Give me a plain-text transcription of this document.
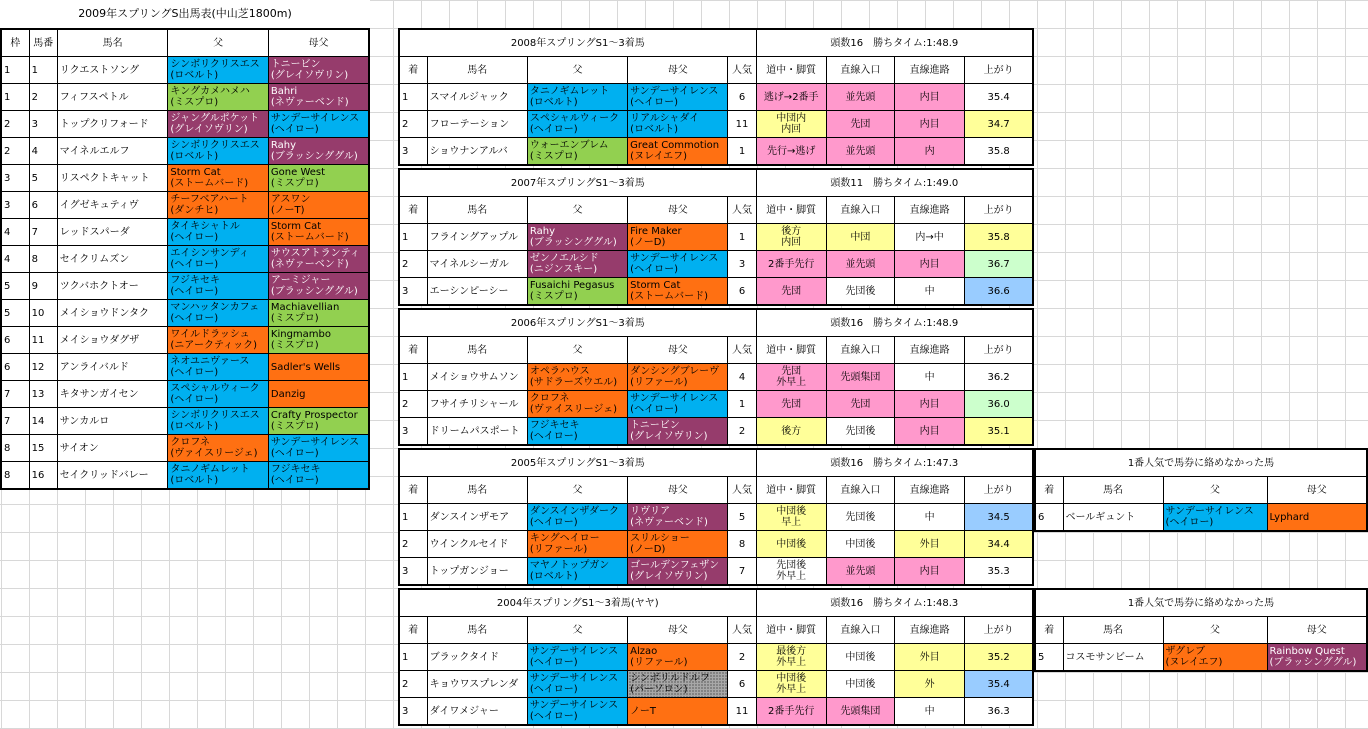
2009年スプリングS出馬表(中山芝1800m)
枠	馬番	馬名	父	母父
1	1	リクエストソング	シンボリクリスエス
(ロベルト)	トニービン
(グレイソヴリン)
1	2	フィフスペトル	キングカメハメハ
(ミスプロ)	Bahri
(ネヴァーベンド)
2	3	トップクリフォード	ジャングルポケット
(グレイソヴリン)	サンデーサイレンス
(ヘイロー)
2	4	マイネルエルフ	シンボリクリスエス
(ロベルト)	Rahy
(ブラッシンググル)
3	5	リスペクトキャット	Storm Cat
(ストームバード)	Gone West
(ミスプロ)
3	6	イグゼキュティヴ	チーフベアハート
(ダンチヒ)	アスワン
(ノーT)
4	7	レッドスパーダ	タイキシャトル
(ヘイロー)	Storm Cat
(ストームバード)
4	8	セイクリムズン	エイシンサンディ
(ヘイロー)	サウスアトランティ
(ネヴァーベンド)
5	9	ツクバホクトオー	フジキセキ
(ヘイロー)	アーミジャー
(ブラッシンググル)
5	10	メイショウドンタク	マンハッタンカフェ
(ヘイロー)	Machiavellian
(ミスプロ)
6	11	メイショウダグザ	ワイルドラッシュ
(ニアークティック)	Kingmambo
(ミスプロ)
6	12	アンライバルド	ネオユニヴァース
(ヘイロー)	Sadler's Wells
7	13	キタサンガイセン	スペシャルウィーク
(ヘイロー)	Danzig
7	14	サンカルロ	シンボリクリスエス
(ロベルト)	Crafty Prospector
(ミスプロ)
8	15	サイオン	クロフネ
(ヴァイスリージェ)	サンデーサイレンス
(ヘイロー)
8	16	セイクリッドバレー	タニノギムレット
(ロベルト)	フジキセキ
(ヘイロー)
2008年スプリングS1～3着馬					頭数16　勝ちタイム:1:48.9			
着	馬名	父	母父	人気	道中・脚質	直線入口	直線進路	上がり
1	スマイルジャック	タニノギムレット
(ロベルト)	サンデーサイレンス
(ヘイロー)	6	逃げ→2番手	並先頭	内目	35.4
2	フローテーション	スペシャルウィーク
(ヘイロー)	リアルシャダイ
(ロベルト)	11	中団内
内回	先団	内目	34.7
3	ショウナンアルバ	ウォーエンブレム
(ミスプロ)	Great Commotion
(ヌレイエフ)	1	先行→逃げ	並先頭	内	35.8
2007年スプリングS1～3着馬					頭数11　勝ちタイム:1:49.0			
着	馬名	父	母父	人気	道中・脚質	直線入口	直線進路	上がり
1	フライングアップル	Rahy
(ブラッシンググル)	Fire Maker
(ノーD)	1	後方
内回	中団	内→中	35.8
2	マイネルシーガル	ゼンノエルシド
(ニジンスキー)	サンデーサイレンス
(ヘイロー)	3	2番手先行	並先頭	内目	36.7
3	エーシンピーシー	Fusaichi Pegasus
(ミスプロ)	Storm Cat
(ストームバード)	6	先団	先団後	中	36.6
2006年スプリングS1～3着馬					頭数16　勝ちタイム:1:48.9			
着	馬名	父	母父	人気	道中・脚質	直線入口	直線進路	上がり
1	メイショウサムソン	オペラハウス
(サドラーズウエル)	ダンシングブレーヴ
(リファール)	4	先団
外早上	先頭集団	中	36.2
2	フサイチリシャール	クロフネ
(ヴァイスリージェ)	サンデーサイレンス
(ヘイロー)	1	先団	先団	内目	36.0
3	ドリームパスポート	フジキセキ
(ヘイロー)	トニービン
(グレイソヴリン)	2	後方	先団後	内目	35.1
2005年スプリングS1～3着馬					頭数16　勝ちタイム:1:47.3			
着	馬名	父	母父	人気	道中・脚質	直線入口	直線進路	上がり
1	ダンスインザモア	ダンスインザダーク
(ヘイロー)	リヴリア
(ネヴァーベンド)	5	中団後
早上	先団後	中	34.5
2	ウインクルセイド	キングヘイロー
(リファール)	スリルショー
(ノーD)	8	中団後	中団後	外目	34.4
3	トップガンジョー	マヤノトップガン
(ロベルト)	ゴールデンフェザン
(グレイソヴリン)	7	先団後
外早上	並先頭	内目	35.3
2004年スプリングS1～3着馬(ヤヤ)					頭数16　勝ちタイム:1:48.3			
着	馬名	父	母父	人気	道中・脚質	直線入口	直線進路	上がり
1	ブラックタイド	サンデーサイレンス
(ヘイロー)	Alzao
(リファール)	2	最後方
外早上	中団後	外目	35.2
2	キョウワスプレンダ	サンデーサイレンス
(ヘイロー)	シンボリルドルフ
(パーソロン)	6	中団後
外早上	中団後	外	35.4
3	ダイワメジャー	サンデーサイレンス
(ヘイロー)	ノーT	11	2番手先行	先頭集団	中	36.3
1番人気で馬券に絡めなかった馬			
着	馬名	父	母父
6	ベールギュント	サンデーサイレンス
(ヘイロー)	Lyphard
1番人気で馬券に絡めなかった馬			
着	馬名	父	母父
5	コスモサンビーム	ザグレブ
(ヌレイエフ)	Rainbow Quest
(ブラッシンググル)
